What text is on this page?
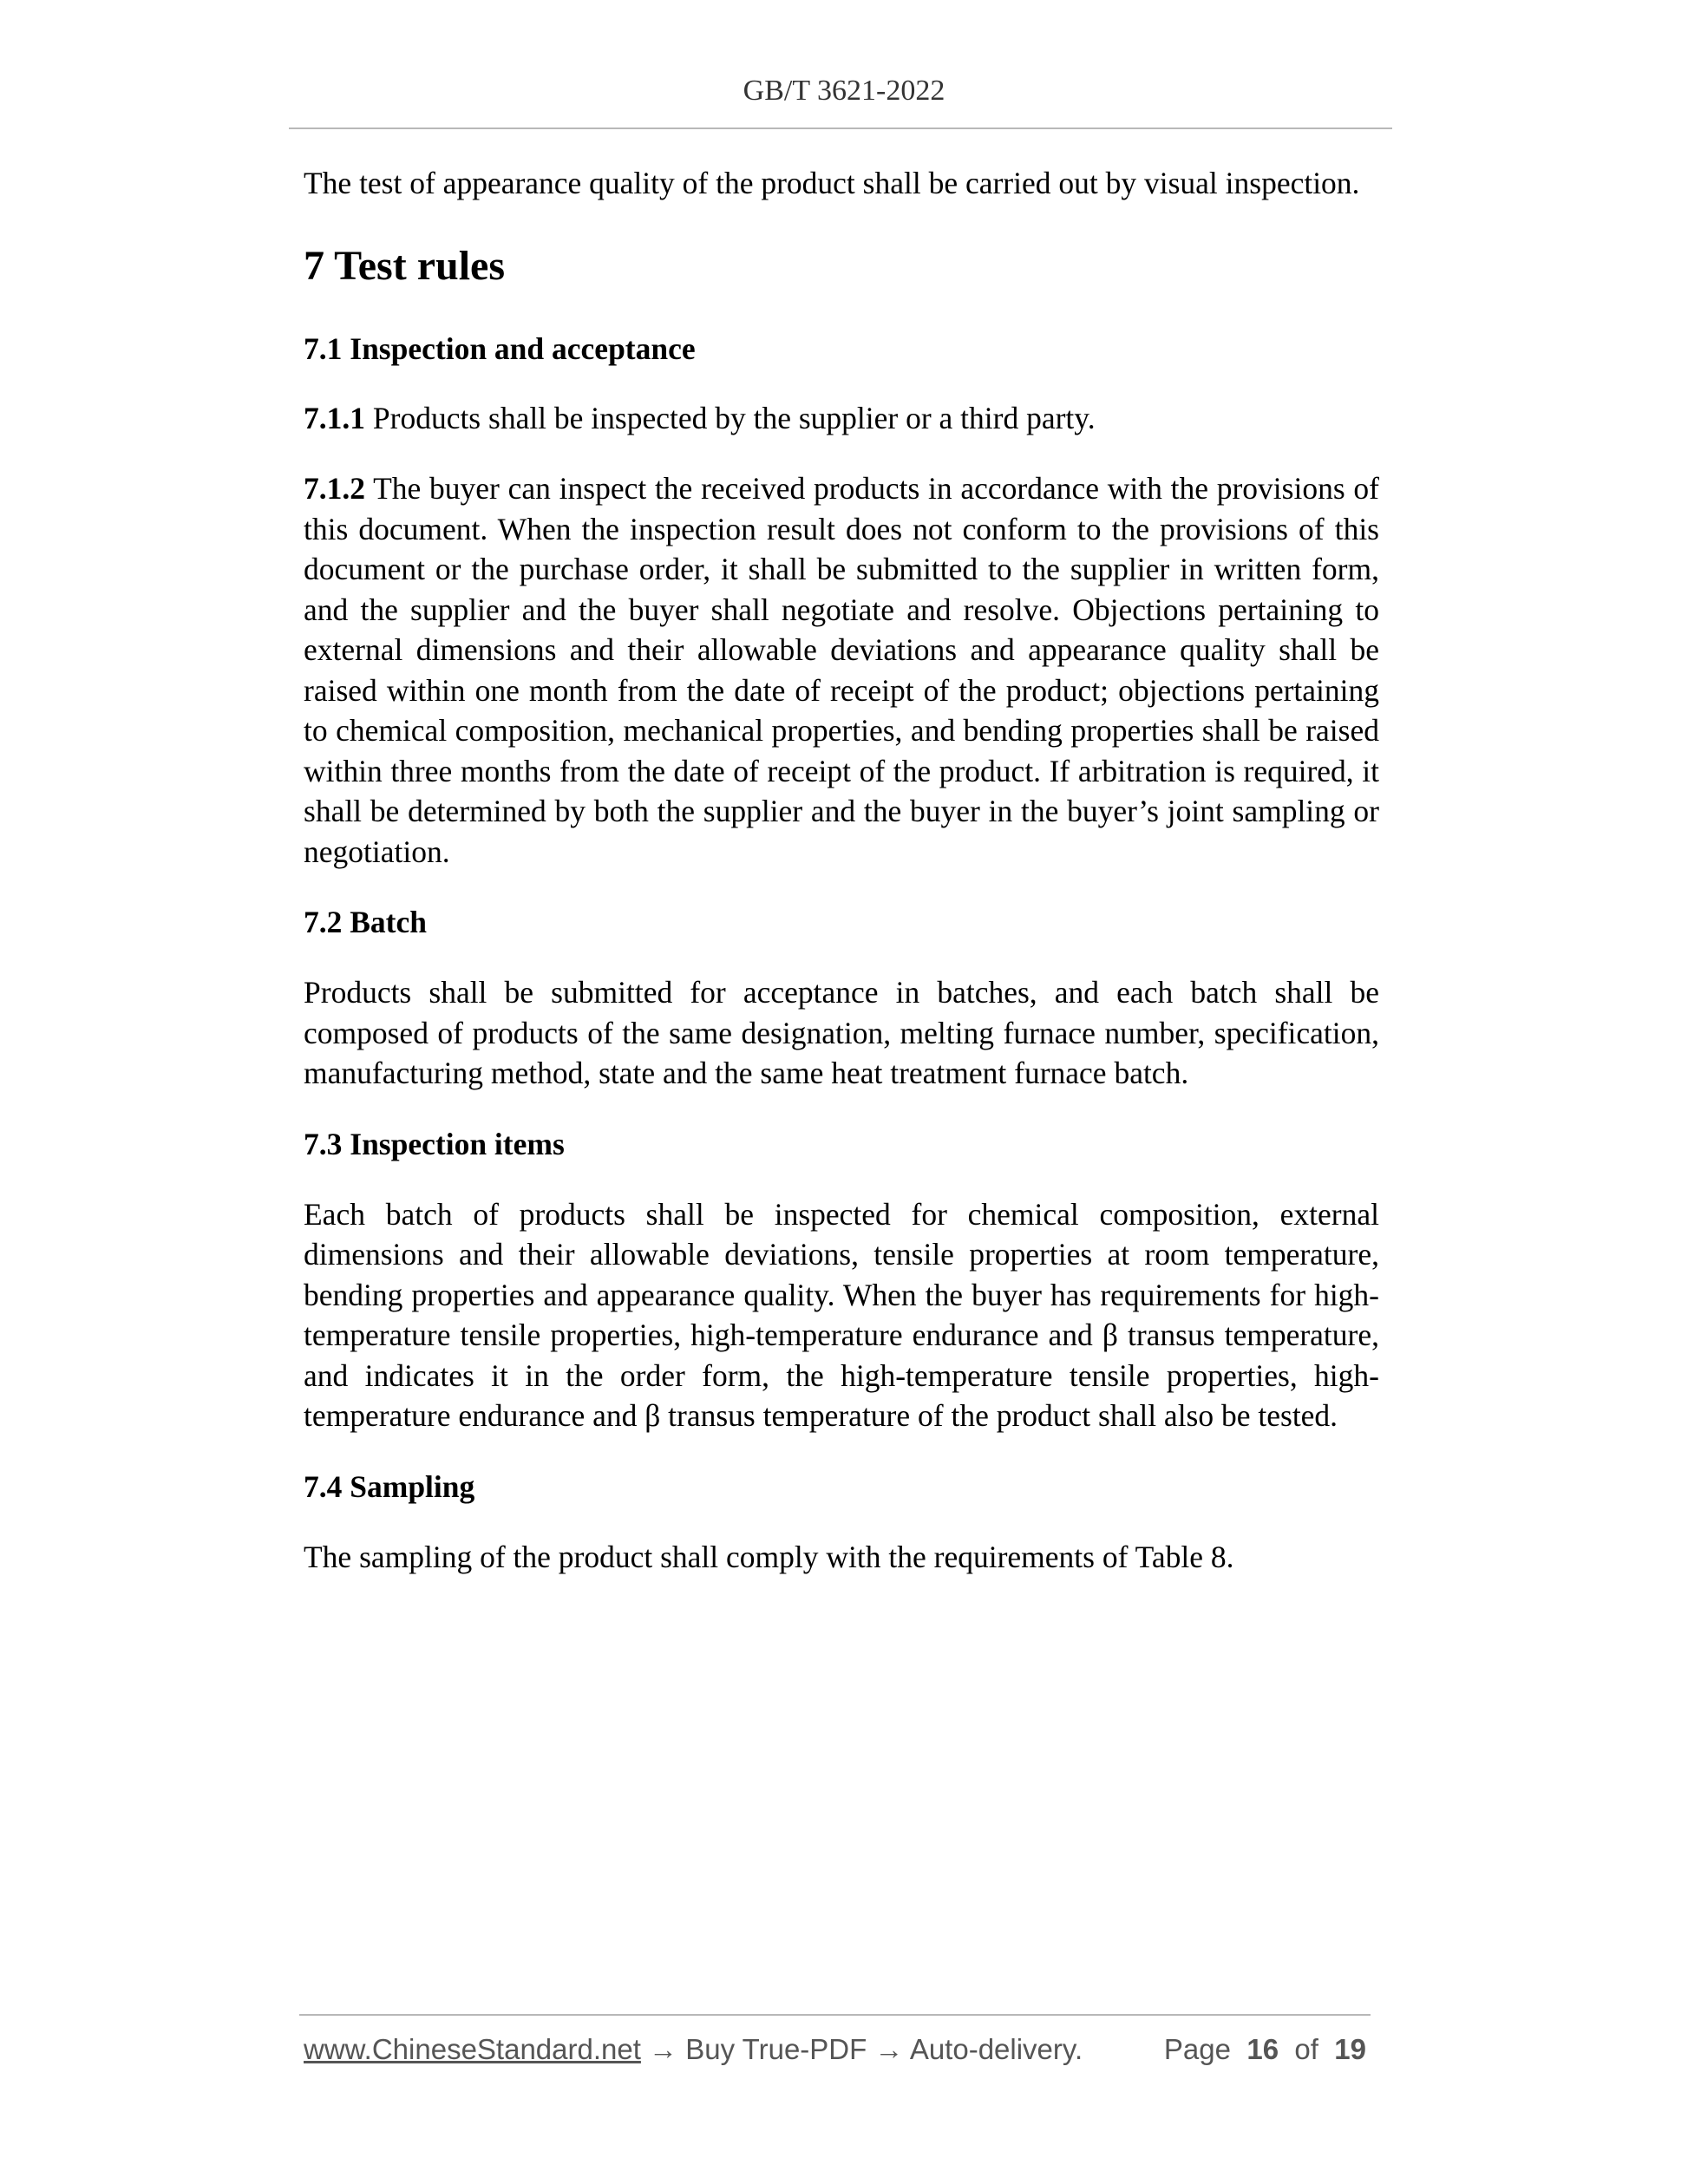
GB/T 3621-2022

The test of appearance quality of the product shall be carried out by visual inspection.

7 Test rules
7.1 Inspection and acceptance

7.1.1 Products shall be inspected by the supplier or a third party.

7.1.2 The buyer can inspect the received products in accordance with the provisions of this document. When the inspection result does not conform to the provisions of this document or the purchase order, it shall be submitted to the supplier in written form, and the supplier and the buyer shall negotiate and resolve. Objections pertaining to external dimensions and their allowable deviations and appearance quality shall be raised within one month from the date of receipt of the product; objections pertaining to chemical composition, mechanical properties, and bending properties shall be raised within three months from the date of receipt of the product. If arbitration is required, it shall be determined by both the supplier and the buyer in the buyer’s joint sampling or negotiation.

7.2 Batch

Products shall be submitted for acceptance in batches, and each batch shall be composed of products of the same designation, melting furnace number, specification, manufacturing method, state and the same heat treatment furnace batch.

7.3 Inspection items

Each batch of products shall be inspected for chemical composition, external dimensions and their allowable deviations, tensile properties at room temperature, bending properties and appearance quality. When the buyer has requirements for high-temperature tensile properties, high-temperature endurance and β transus temperature, and indicates it in the order form, the high-temperature tensile properties, high-temperature endurance and β transus temperature of the product shall also be tested.

7.4 Sampling

The sampling of the product shall comply with the requirements of Table 8.

www.ChineseStandard.net → Buy True-PDF → Auto-delivery.	Page 16 of 19
